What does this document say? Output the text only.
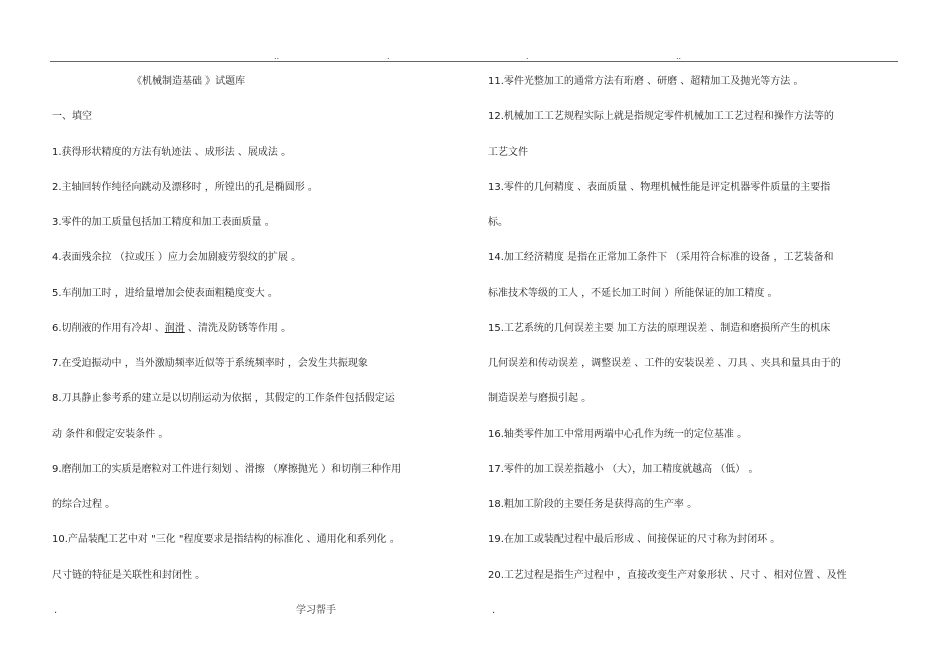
..	.	.	..
《机械制造基础 》试题库
一、填空
1.获得形状精度的方法有轨迹法 、成形法 、展成法 。
2.主轴回转作纯径向跳动及漂移时 ，所镗出的孔是椭圆形 。
3.零件的加工质量包括加工精度和加工表面质量 。
4.表面残余拉 （拉或压 ）应力会加剧疲劳裂纹的扩展 。
5.车削加工时 ，进给量增加会使表面粗糙度变大 。
6.切削液的作用有冷却 、润滑 、清洗及防锈等作用 。
7.在受迫振动中 ，当外激励频率近似等于系统频率时 ，会发生共振现象
8.刀具静止参考系的建立是以切削运动为依据 ，其假定的工作条件包括假定运
动 条件和假定安装条件 。
9.磨削加工的实质是磨粒对工件进行刻划 、滑擦 （摩擦抛光 ）和切削三种作用
的综合过程 。
10.产品装配工艺中对 "三化 "程度要求是指结构的标准化 、通用化和系列化 。
尺寸链的特征是关联性和封闭性 。
11.零件光整加工的通常方法有珩磨 、研磨 、超精加工及抛光等方法 。
12.机械加工工艺规程实际上就是指规定零件机械加工工艺过程和操作方法等的
工艺文件
13.零件的几何精度 、表面质量 、物理机械性能是评定机器零件质量的主要指
标。
14.加工经济精度 是指在正常加工条件下 （采用符合标准的设备 ，工艺装备和
标准技术等级的工人 ，不延长加工时间 ）所能保证的加工精度 。
15.工艺系统的几何误差主要 加工方法的原理误差 、制造和磨损所产生的机床
几何误差和传动误差 ，调整误差 、工件的安装误差 、刀具 、夹具和量具由于的
制造误差与磨损引起 。
16.轴类零件加工中常用两端中心孔作为统一的定位基准 。
17.零件的加工误差指越小 （大），加工精度就越高 （低） 。
18.粗加工阶段的主要任务是获得高的生产率 。
19.在加工或装配过程中最后形成 、间接保证的尺寸称为封闭环 。
20.工艺过程是指生产过程中 ，直接改变生产对象形状 、尺寸 、相对位置 、及性
.	学习帮手	.
